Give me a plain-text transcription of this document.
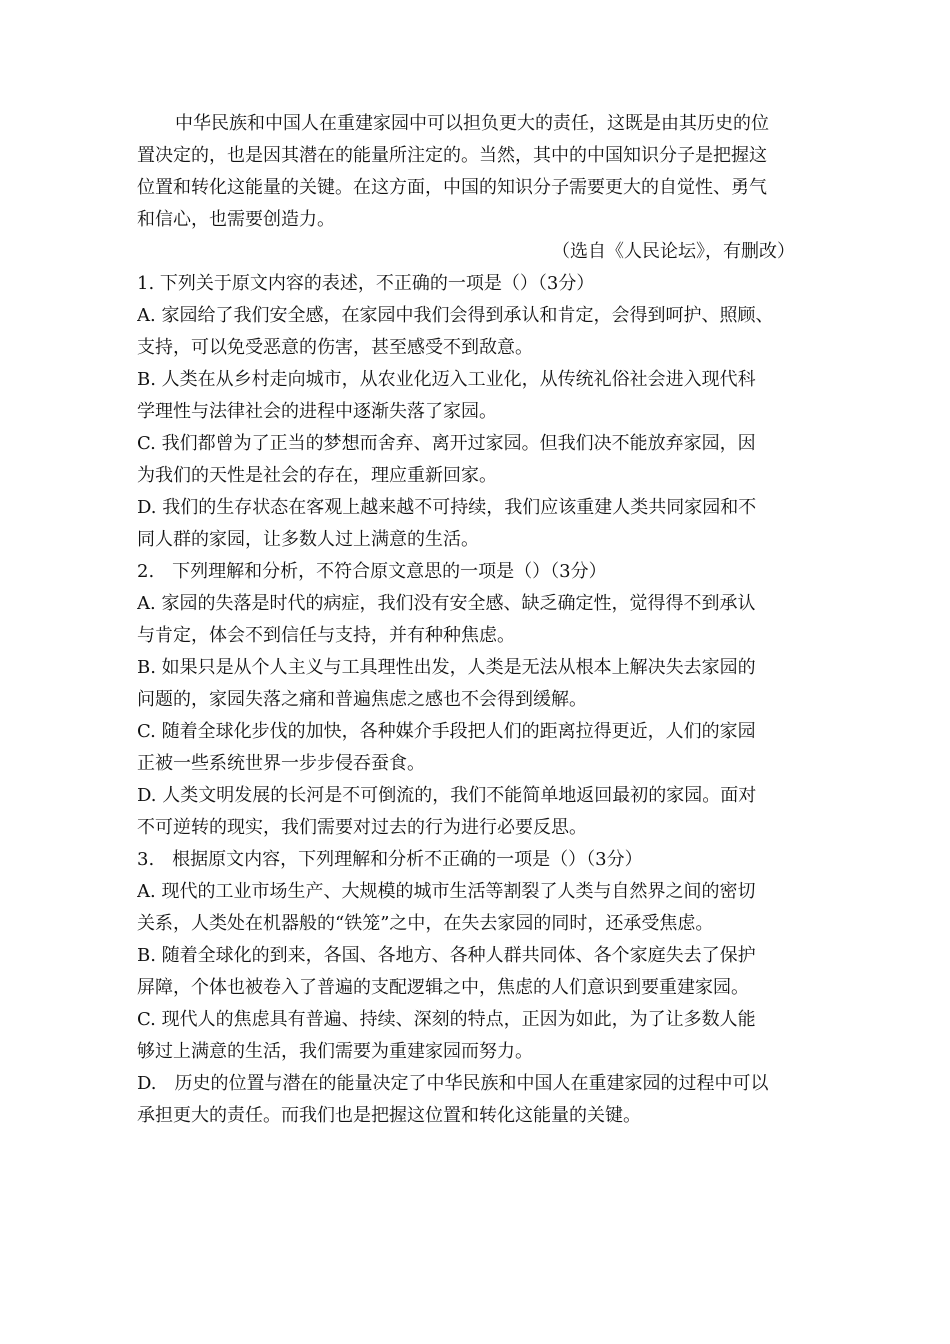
中华民族和中国人在重建家园中可以担负更大的责任，这既是由其历史的位
置决定的，也是因其潜在的能量所注定的。当然，其中的中国知识分子是把握这
位置和转化这能量的关键。在这方面，中国的知识分子需要更大的自觉性、勇气
和信心，也需要创造力。
（选自《人民论坛》，有删改）
1. 下列关于原文内容的表述，不正确的一项是（）（3分）
A. 家园给了我们安全感，在家园中我们会得到承认和肯定，会得到呵护、照顾、
支持，可以免受恶意的伤害，甚至感受不到敌意。
B. 人类在从乡村走向城市，从农业化迈入工业化，从传统礼俗社会进入现代科
学理性与法律社会的进程中逐渐失落了家园。
C. 我们都曾为了正当的梦想而舍弃、离开过家园。但我们决不能放弃家园，因
为我们的天性是社会的存在，理应重新回家。
D. 我们的生存状态在客观上越来越不可持续，我们应该重建人类共同家园和不
同人群的家园，让多数人过上满意的生活。
2.　下列理解和分析，不符合原文意思的一项是（）（3分）
A. 家园的失落是时代的病症，我们没有安全感、缺乏确定性，觉得得不到承认
与肯定，体会不到信任与支持，并有种种焦虑。
B. 如果只是从个人主义与工具理性出发，人类是无法从根本上解决失去家园的
问题的，家园失落之痛和普遍焦虑之感也不会得到缓解。
C. 随着全球化步伐的加快，各种媒介手段把人们的距离拉得更近，人们的家园
正被一些系统世界一步步侵吞蚕食。
D. 人类文明发展的长河是不可倒流的，我们不能简单地返回最初的家园。面对
不可逆转的现实，我们需要对过去的行为进行必要反思。
3.　根据原文内容，下列理解和分析不正确的一项是（）（3分）
A. 现代的工业市场生产、大规模的城市生活等割裂了人类与自然界之间的密切
关系，人类处在机器般的“铁笼”之中，在失去家园的同时，还承受焦虑。
B. 随着全球化的到来，各国、各地方、各种人群共同体、各个家庭失去了保护
屏障，个体也被卷入了普遍的支配逻辑之中，焦虑的人们意识到要重建家园。
C. 现代人的焦虑具有普遍、持续、深刻的特点，正因为如此，为了让多数人能
够过上满意的生活，我们需要为重建家园而努力。
D.　历史的位置与潜在的能量决定了中华民族和中国人在重建家园的过程中可以
承担更大的责任。而我们也是把握这位置和转化这能量的关键。
